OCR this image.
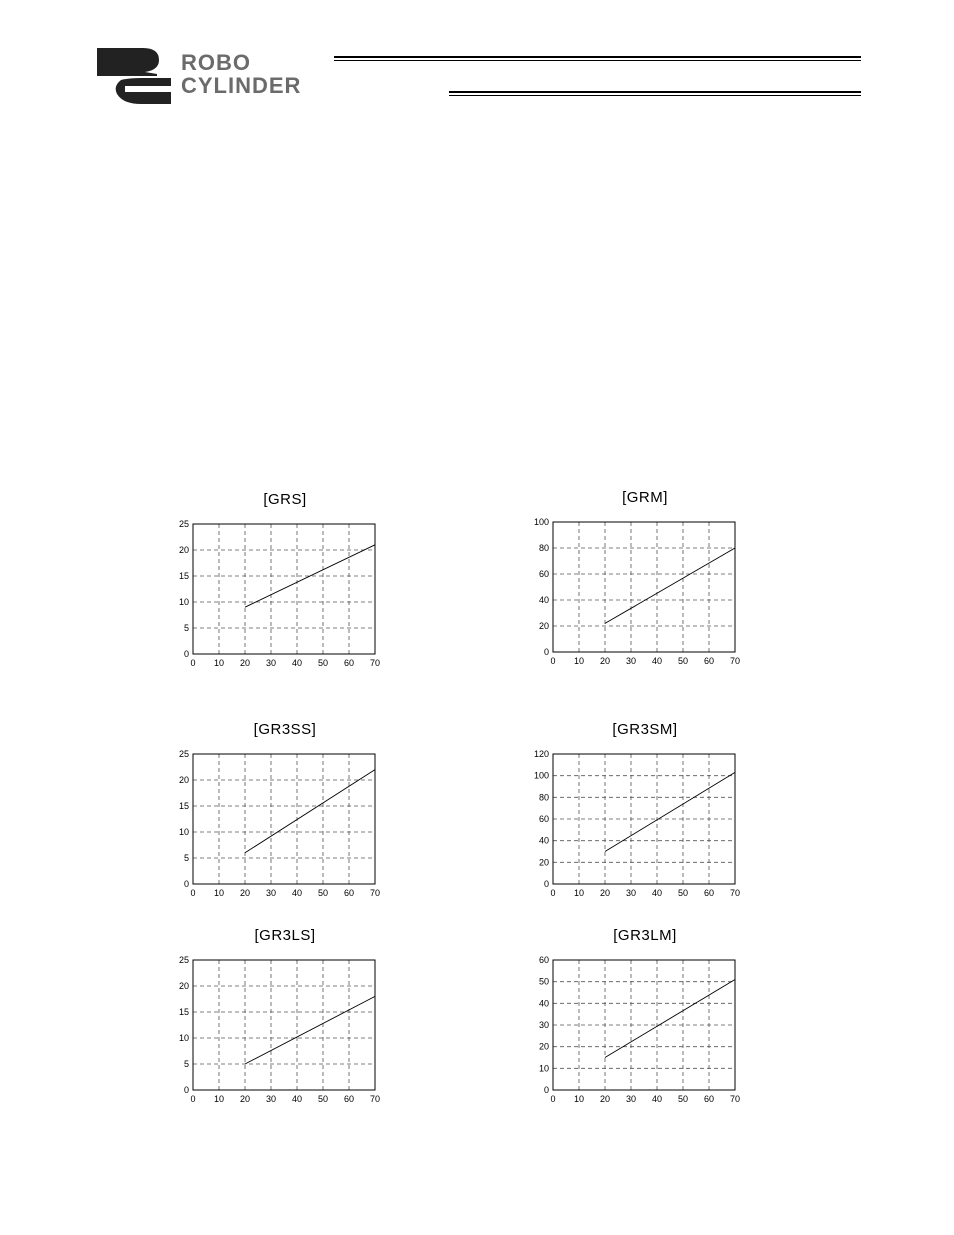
ROBO
CYLINDER
[GRS]
0 10 20 30 40 50 60 70
0
5
10
15
20
25
[GRM]
0 10 20 30 40 50 60 70
0
20
40
60
80
100
[GR3SS]
0 10 20 30 40 50 60 70
0
5
10
15
20
25
[GR3SM]
0 10 20 30 40 50 60 70
0
20
40
60
80
100
120
[GR3LS]
0 10 20 30 40 50 60 70
0
5
10
15
20
25
[GR3LM]
0 10 20 30 40 50 60 70
0
10
20
30
40
50
60
